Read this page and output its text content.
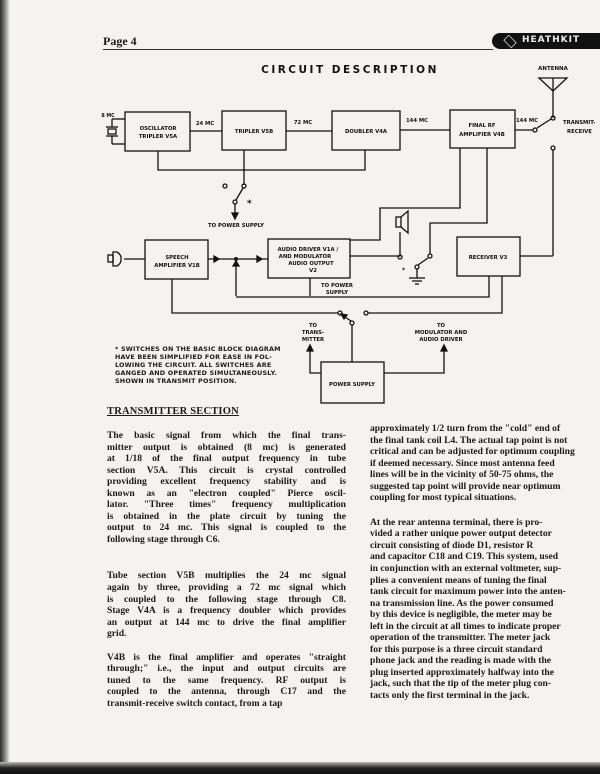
Page 4	HEATHKIT
CIRCUIT DESCRIPTION	ANTENNA
OSCILLATOR
TRIPLER V5A
TRIPLER V5B	DOUBLER V4A
FINAL RF
AMPLIFIER V4B
8 MC
24 MC	72 MC	144 MC	144 MC	TRANSMIT-
RECEIVE
*
TO POWER SUPPLY
*
SPEECH
AMPLIFIER V1B
AUDIO DRIVER V1A /
AND MODULATOR
AUDIO OUTPUT
V2
RECEIVER V3
POWER SUPPLY
TO POWER
SUPPLY
TO
TRANS-
MITTER
TO
MODULATOR AND
AUDIO DRIVER
* SWITCHES ON THE BASIC BLOCK DIAGRAM
HAVE BEEN SIMPLIFIED FOR EASE IN FOL-
LOWING THE CIRCUIT. ALL SWITCHES ARE
GANGED AND OPERATED SIMULTANEOUSLY.
SHOWN IN TRANSMIT POSITION.
TRANSMITTER SECTION
The basic signal from which the final trans-
mitter output is obtained (8 mc) is generated
at 1/18 of the final output frequency in tube
section V5A. This circuit is crystal controlled
providing excellent frequency stability and is
known as an "electron coupled" Pierce oscil-
lator. "Three times" frequency multiplication
is obtained in the plate circuit by tuning the
output to 24 mc. This signal is coupled to the
following stage through C6.
Tube section V5B multiplies the 24 mc signal
again by three, providing a 72 mc signal which
is coupled to the following stage through C8.
Stage V4A is a frequency doubler which provides
an output at 144 mc to drive the final amplifier
grid.
V4B is the final amplifier and operates "straight
through;" i.e., the input and output circuits are
tuned to the same frequency. RF output is
coupled to the antenna, through C17 and the
transmit-receive switch contact, from a tap
approximately 1/2 turn from the "cold" end of
the final tank coil L4. The actual tap point is not
critical and can be adjusted for optimum coupling
if deemed necessary. Since most antenna feed
lines will be in the vicinity of 50-75 ohms, the
suggested tap point will provide near optimum
coupling for most typical situations.
At the rear antenna terminal, there is pro-
vided a rather unique power output detector
circuit consisting of diode D1, resistor R
and capacitor C18 and C19. This system, used
in conjunction with an external voltmeter, sup-
plies a convenient means of tuning the final
tank circuit for maximum power into the anten-
na transmission line. As the power consumed
by this device is negligible, the meter may be
left in the circuit at all times to indicate proper
operation of the transmitter. The meter jack
for this purpose is a three circuit standard
phone jack and the reading is made with the
plug inserted approximately halfway into the
jack, such that the tip of the meter plug con-
tacts only the first terminal in the jack.
